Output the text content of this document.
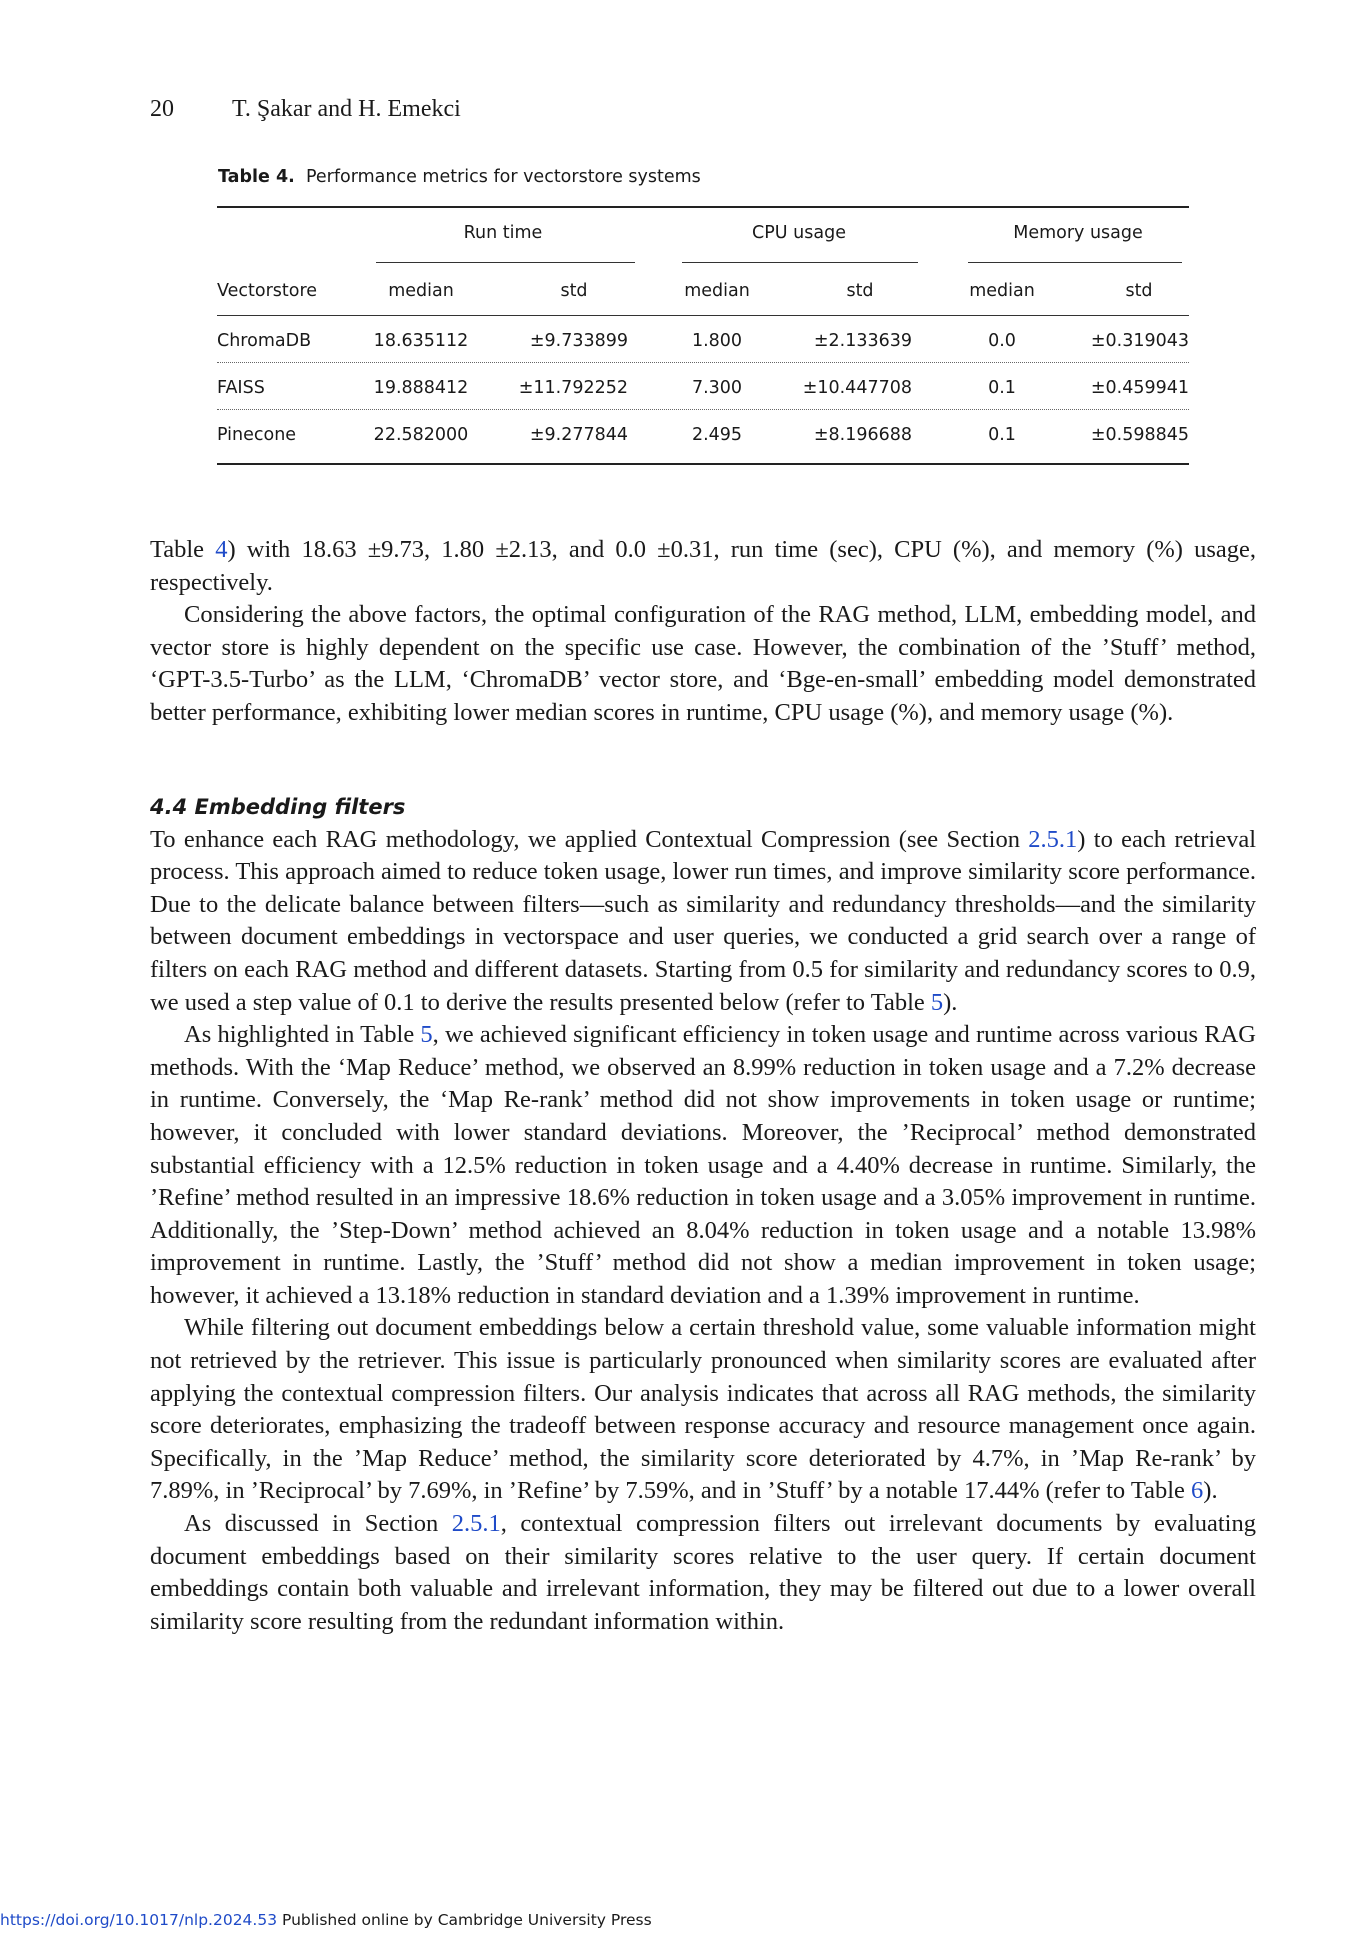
20 T. Şakar and H. Emekci
Table 4. Performance metrics for vectorstore systems
Run time	CPU usage	Memory usage
Vectorstore	median	std	median	std	median	std
ChromaDB	18.635112	±9.733899	1.800	±2.133639	0.0	±0.319043
FAISS	19.888412	±11.792252	7.300	±10.447708	0.1	±0.459941
Pinecone	22.582000	±9.277844	2.495	±8.196688	0.1	±0.598845

Table 4) with 18.63 ±9.73, 1.80 ±2.13, and 0.0 ±0.31, run time (sec), CPU (%), and memory (%) usage, respectively.

Considering the above factors, the optimal configuration of the RAG method, LLM, embedding model, and vector store is highly dependent on the specific use case. However, the combination of the ’Stuff’ method, ‘GPT-3.5-Turbo’ as the LLM, ‘ChromaDB’ vector store, and ‘Bge-en-small’ embedding model demonstrated better performance, exhibiting lower median scores in runtime, CPU usage (%), and memory usage (%).

4.4 Embedding filters

To enhance each RAG methodology, we applied Contextual Compression (see Section 2.5.1) to each retrieval process. This approach aimed to reduce token usage, lower run times, and improve similarity score performance. Due to the delicate balance between filters—such as similarity and redundancy thresholds—and the similarity between document embeddings in vectorspace and user queries, we conducted a grid search over a range of filters on each RAG method and different datasets. Starting from 0.5 for similarity and redundancy scores to 0.9, we used a step value of 0.1 to derive the results presented below (refer to Table 5).

As highlighted in Table 5, we achieved significant efficiency in token usage and runtime across various RAG methods. With the ‘Map Reduce’ method, we observed an 8.99% reduction in token usage and a 7.2% decrease in runtime. Conversely, the ‘Map Re-rank’ method did not show improvements in token usage or runtime; however, it concluded with lower standard deviations. Moreover, the ’Reciprocal’ method demonstrated substantial efficiency with a 12.5% reduction in token usage and a 4.40% decrease in runtime. Similarly, the ’Refine’ method resulted in an impressive 18.6% reduction in token usage and a 3.05% improvement in runtime. Additionally, the ’Step-Down’ method achieved an 8.04% reduction in token usage and a notable 13.98% improvement in runtime. Lastly, the ’Stuff’ method did not show a median improvement in token usage; however, it achieved a 13.18% reduction in standard deviation and a 1.39% improvement in runtime.

While filtering out document embeddings below a certain threshold value, some valuable information might not retrieved by the retriever. This issue is particularly pronounced when similarity scores are evaluated after applying the contextual compression filters. Our analysis indicates that across all RAG methods, the similarity score deteriorates, emphasizing the tradeoff between response accuracy and resource management once again. Specifically, in the ’Map Reduce’ method, the similarity score deteriorated by 4.7%, in ’Map Re-rank’ by 7.89%, in ’Reciprocal’ by 7.69%, in ’Refine’ by 7.59%, and in ’Stuff’ by a notable 17.44% (refer to Table 6).

As discussed in Section 2.5.1, contextual compression filters out irrelevant documents by evaluating document embeddings based on their similarity scores relative to the user query. If certain document embeddings contain both valuable and irrelevant information, they may be filtered out due to a lower overall similarity score resulting from the redundant information within.

https://doi.org/10.1017/nlp.2024.53 Published online by Cambridge University Press
